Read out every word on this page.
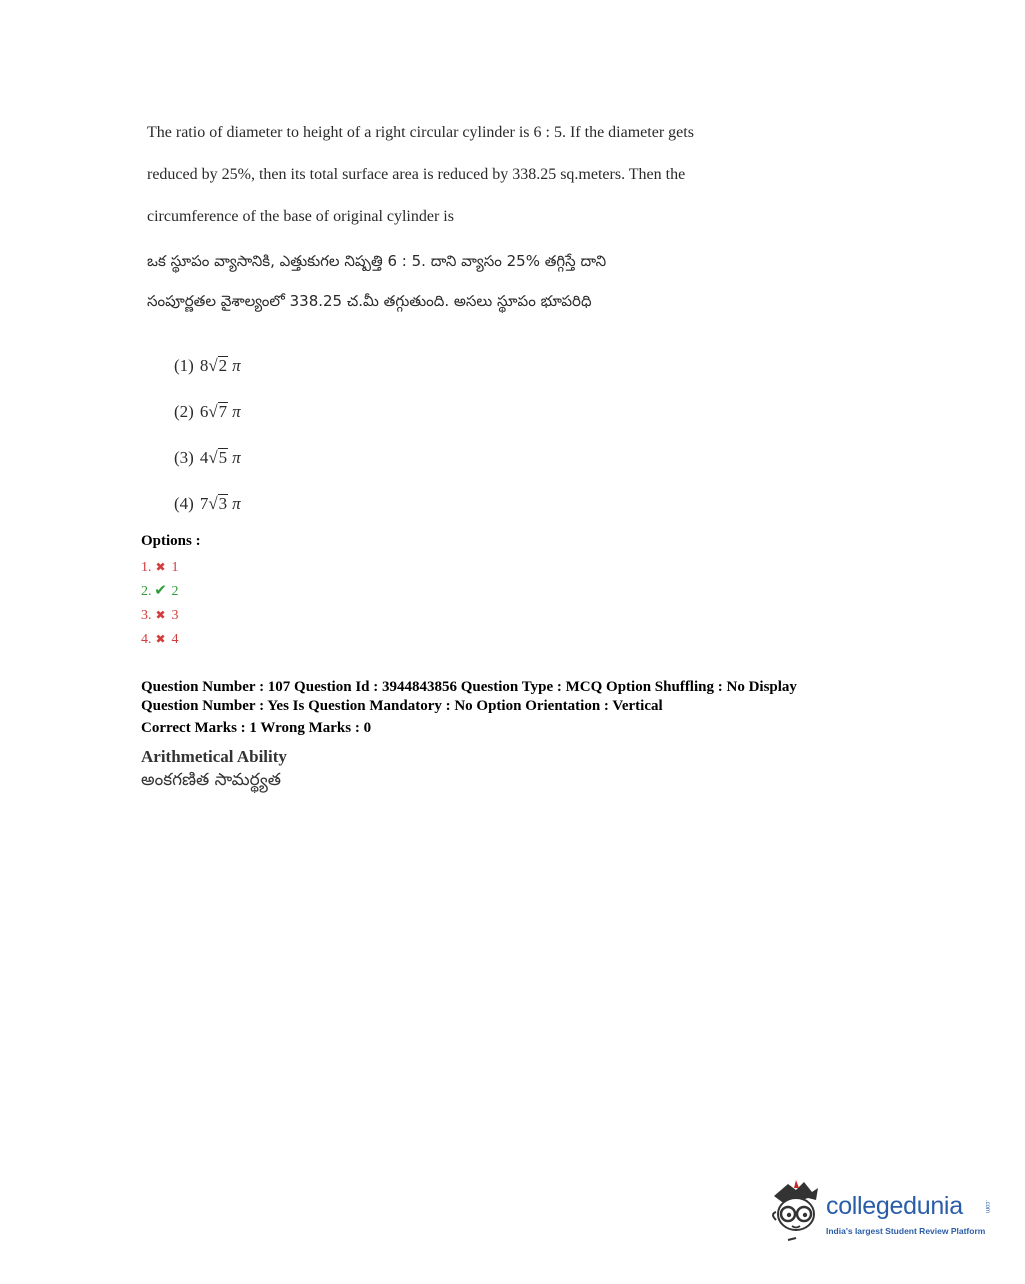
The ratio of diameter to height of a right circular cylinder is 6 : 5. If the diameter gets
reduced by 25%, then its total surface area is reduced by 338.25 sq.meters. Then the
circumference of the base of original cylinder is
ఒక స్థూపం వ్యాసానికి, ఎత్తుకుగల నిష్పత్తి 6 : 5. దాని వ్యాసం 25% తగ్గిస్తే దాని
సంపూర్ణతల వైశాల్యంలో 338.25 చ.మీ తగ్గుతుంది. అసలు స్థూపం భూపరిధి
(1) 8√2 π
(2) 6√7 π
(3) 4√5 π
(4) 7√3 π
Options :
1. ✖ 1
2. ✔ 2
3. ✖ 3
4. ✖ 4
Question Number : 107 Question Id : 3944843856 Question Type : MCQ Option Shuffling : No Display
Question Number : Yes Is Question Mandatory : No Option Orientation : Vertical
Correct Marks : 1 Wrong Marks : 0
Arithmetical Ability
అంకగణిత సామర్థ్యత
collegedunia	.com
India's largest Student Review Platform
